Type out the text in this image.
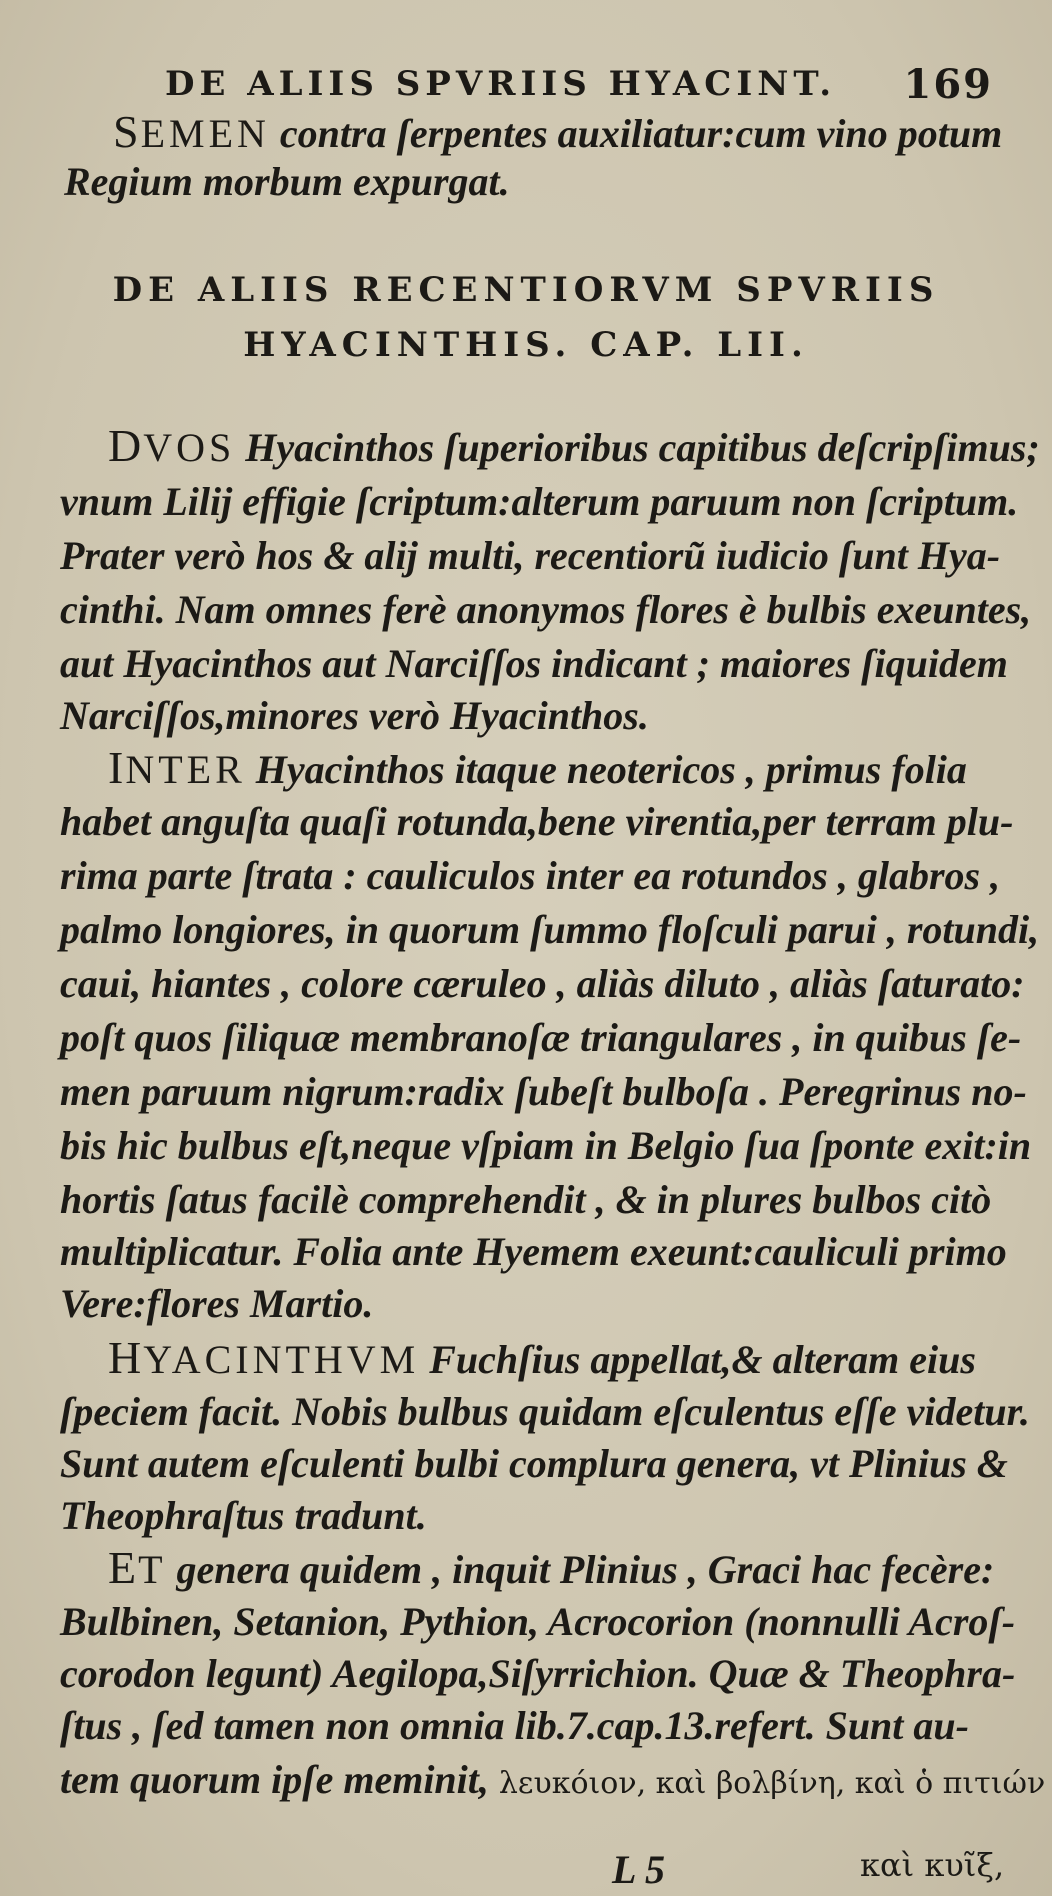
DE ALIIS SPVRIIS HYACINT. 169
SEMEN contra ſerpentes auxiliatur:cum vino potum
Regium morbum expurgat.
DE ALIIS RECENTIORVM SPVRIIS
HYACINTHIS. CAP. LII.
DVOS Hyacinthos ſuperioribus capitibus deſcripſimus;
vnum Lilij effigie ſcriptum:alterum paruum non ſcriptum.
Prater verò hos & alij multi, recentiorũ iudicio ſunt Hya-
cinthi. Nam omnes ferè anonymos flores è bulbis exeuntes,
aut Hyacinthos aut Narciſſos indicant ; maiores ſiquidem
Narciſſos,minores verò Hyacinthos.
INTER Hyacinthos itaque neotericos , primus folia
habet anguſta quaſi rotunda,bene virentia,per terram plu-
rima parte ſtrata : cauliculos inter ea rotundos , glabros ,
palmo longiores, in quorum ſummo floſculi parui , rotundi,
caui, hiantes , colore cæruleo , aliàs diluto , aliàs ſaturato:
poſt quos ſiliquæ membranoſæ triangulares , in quibus ſe-
men paruum nigrum:radix ſubeſt bulboſa . Peregrinus no-
bis hic bulbus eſt,neque vſpiam in Belgio ſua ſponte exit:in
hortis ſatus facilè comprehendit , & in plures bulbos citò
multiplicatur. Folia ante Hyemem exeunt:cauliculi primo
Vere:flores Martio.
HYACINTHVM Fuchſius appellat,& alteram eius
ſpeciem facit. Nobis bulbus quidam eſculentus eſſe videtur.
Sunt autem eſculenti bulbi complura genera, vt Plinius &
Theophraſtus tradunt.
ET genera quidem , inquit Plinius , Graci hac fecère:
Bulbinen, Setanion, Pythion, Acrocorion (nonnulli Acroſ-
corodon legunt) Aegilopa,Siſyrrichion. Quæ & Theophra-
ſtus , ſed tamen non omnia lib.7.cap.13.refert. Sunt au-
tem quorum ipſe meminit, λευκόιον, καὶ βολβίνη, καὶ ὁ πιτιών
L 5	καὶ κυῖξ,
